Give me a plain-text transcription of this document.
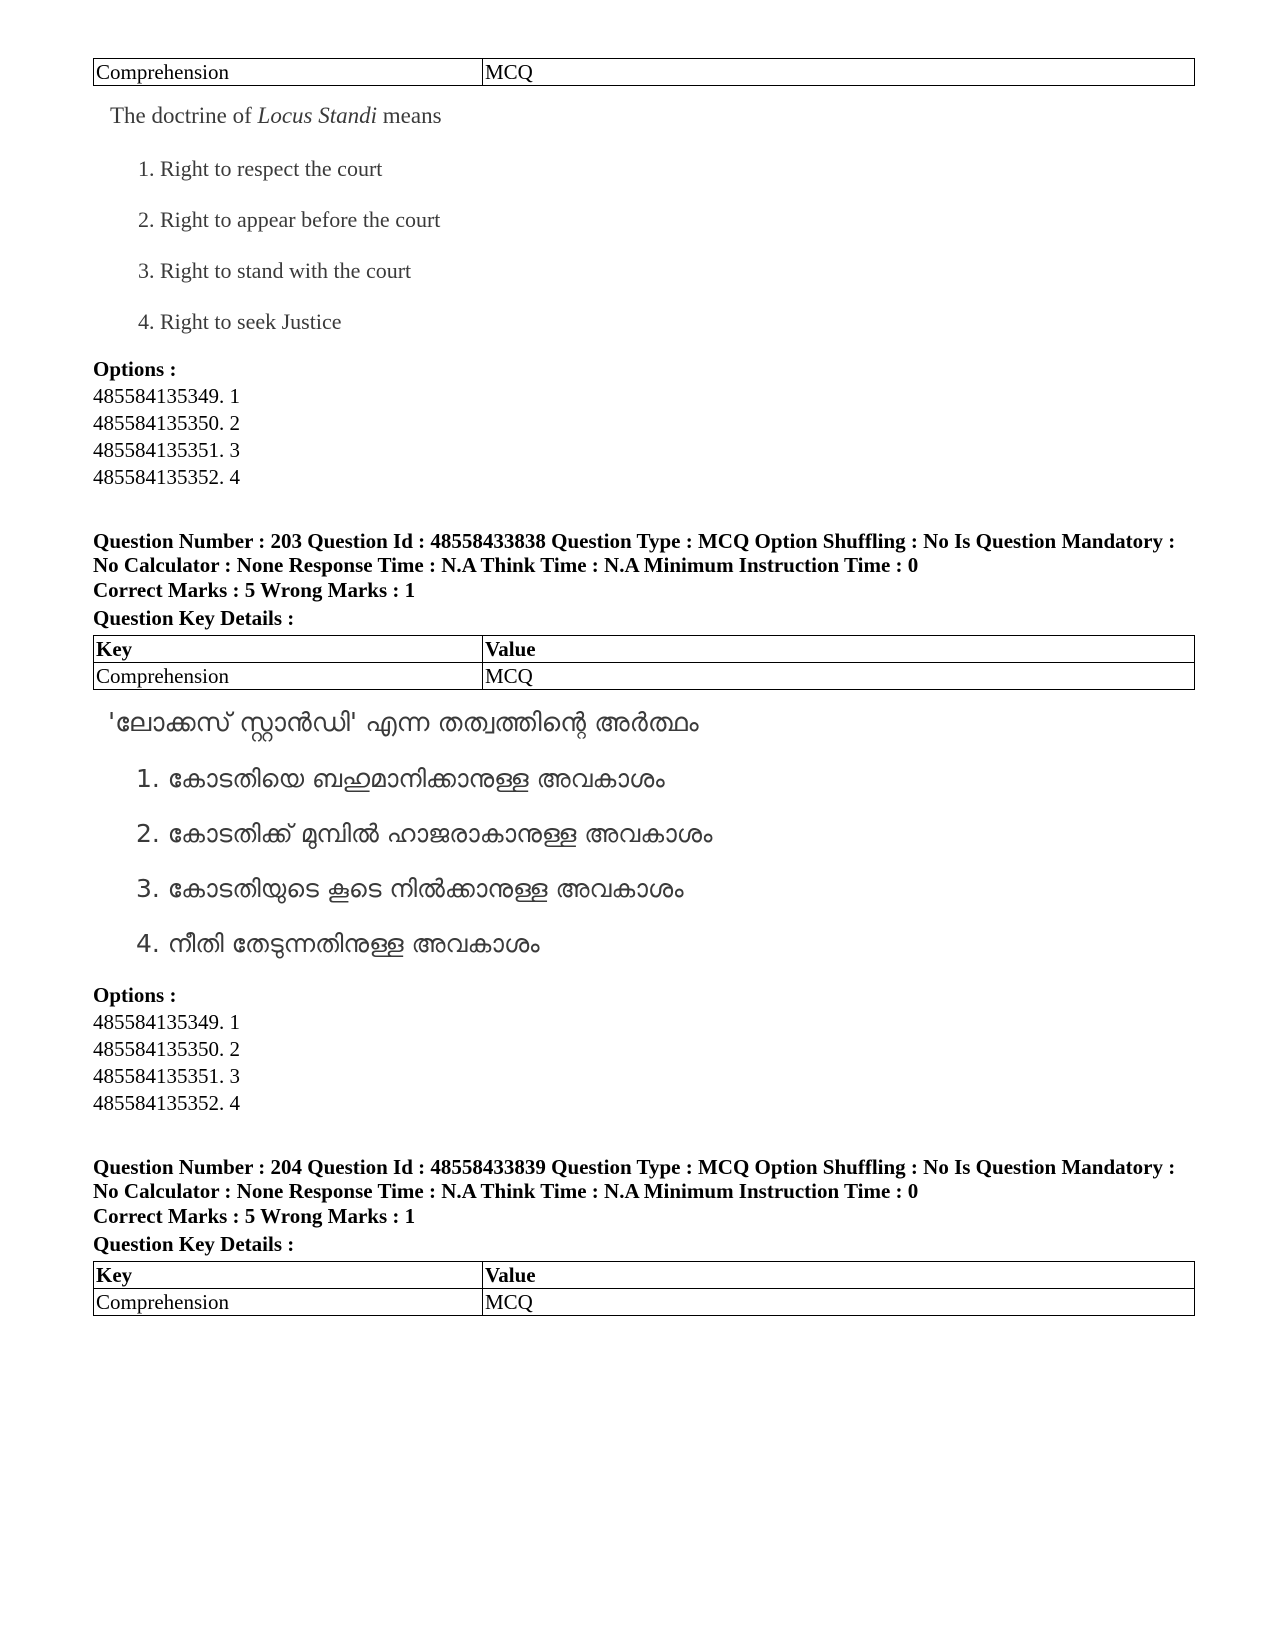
Comprehension	MCQ
The doctrine of Locus Standi means
1. Right to respect the court
2. Right to appear before the court
3. Right to stand with the court
4. Right to seek Justice
Options :
485584135349. 1
485584135350. 2
485584135351. 3
485584135352. 4
Question Number : 203 Question Id : 48558433838 Question Type : MCQ Option Shuffling : No Is Question Mandatory :
No Calculator : None Response Time : N.A Think Time : N.A Minimum Instruction Time : 0
Correct Marks : 5 Wrong Marks : 1
Question Key Details :
Key	Value
Comprehension	MCQ
'ലോക്കസ് സ്റ്റാൻഡി' എന്ന തത്വത്തിന്റെ അർത്ഥം
1. കോടതിയെ ബഹുമാനിക്കാനുള്ള അവകാശം
2. കോടതിക്ക് മുമ്പിൽ ഹാജരാകാനുള്ള അവകാശം
3. കോടതിയുടെ കൂടെ നിൽക്കാനുള്ള അവകാശം
4. നീതി തേടുന്നതിനുള്ള അവകാശം
Options :
485584135349. 1
485584135350. 2
485584135351. 3
485584135352. 4
Question Number : 204 Question Id : 48558433839 Question Type : MCQ Option Shuffling : No Is Question Mandatory :
No Calculator : None Response Time : N.A Think Time : N.A Minimum Instruction Time : 0
Correct Marks : 5 Wrong Marks : 1
Question Key Details :
Key	Value
Comprehension	MCQ
